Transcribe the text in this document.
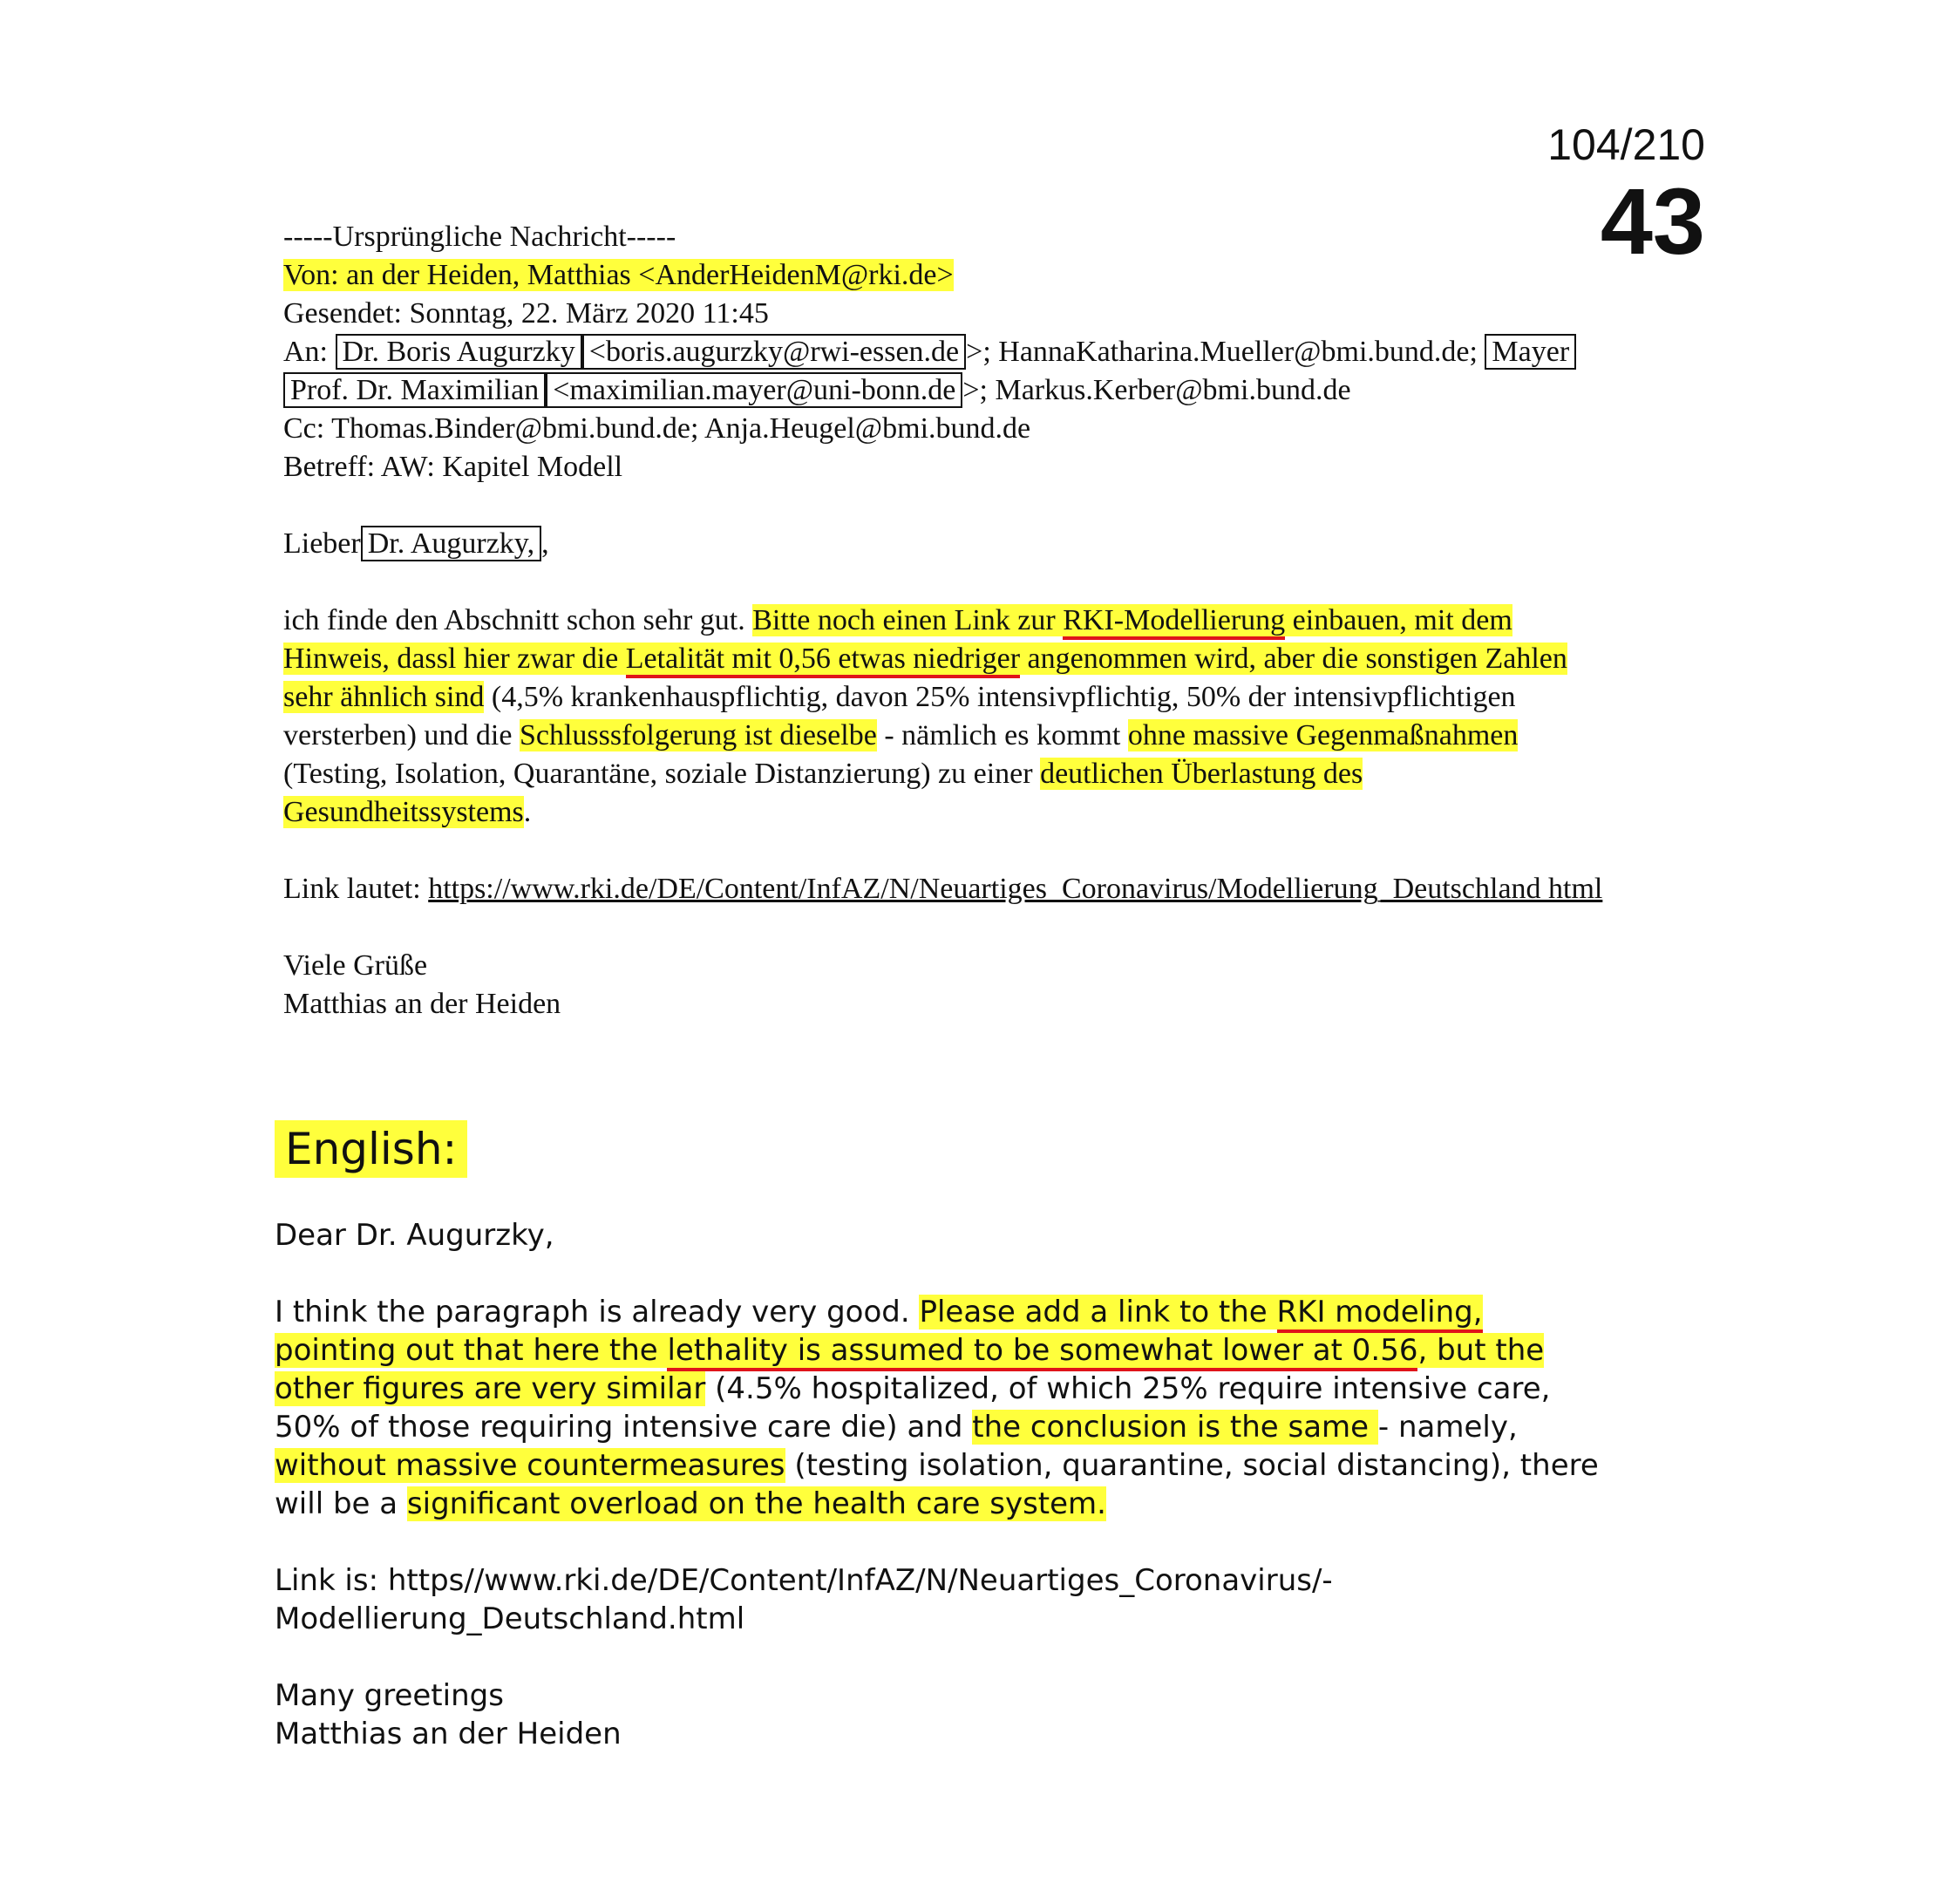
104/210
43
-----Ursprüngliche Nachricht-----
Von: an der Heiden, Matthias <AnderHeidenM@rki.de>
Gesendet: Sonntag, 22. März 2020 11:45
An: Dr. Boris Augurzky <boris.augurzky@rwi-essen.de >; HannaKatharina.Mueller@bmi.bund.de; Mayer
Prof. Dr. Maximilian <maximilian.mayer@uni-bonn.de >; Markus.Kerber@bmi.bund.de
Cc: Thomas.Binder@bmi.bund.de; Anja.Heugel@bmi.bund.de
Betreff: AW: Kapitel Modell
Lieber Dr. Augurzky, ,
ich finde den Abschnitt schon sehr gut. Bitte noch einen Link zur RKI-Modellierung einbauen, mit dem
Hinweis, dassl hier zwar die Letalität mit 0,56 etwas niedriger angenommen wird, aber die sonstigen Zahlen
sehr ähnlich sind (4,5% krankenhauspflichtig, davon 25% intensivpflichtig, 50% der intensivpflichtigen
versterben) und die Schlusssfolgerung ist dieselbe - nämlich es kommt ohne massive Gegenmaßnahmen
(Testing, Isolation, Quarantäne, soziale Distanzierung) zu einer deutlichen Überlastung des
Gesundheitssystems.
Link lautet: https://www.rki.de/DE/Content/InfAZ/N/Neuartiges_Coronavirus/Modellierung_Deutschland html
Viele Grüße
Matthias an der Heiden
English:
Dear Dr. Augurzky,
I think the paragraph is already very good. Please add a link to the RKI modeling,
pointing out that here the lethality is assumed to be somewhat lower at 0.56, but the
other figures are very similar (4.5% hospitalized, of which 25% require intensive care,
50% of those requiring intensive care die) and the conclusion is the same - namely,
without massive countermeasures (testing isolation, quarantine, social distancing), there
will be a significant overload on the health care system.
Link is: https//www.rki.de/DE/Content/InfAZ/N/Neuartiges_Coronavirus/-
Modellierung_Deutschland.html
Many greetings
Matthias an der Heiden
